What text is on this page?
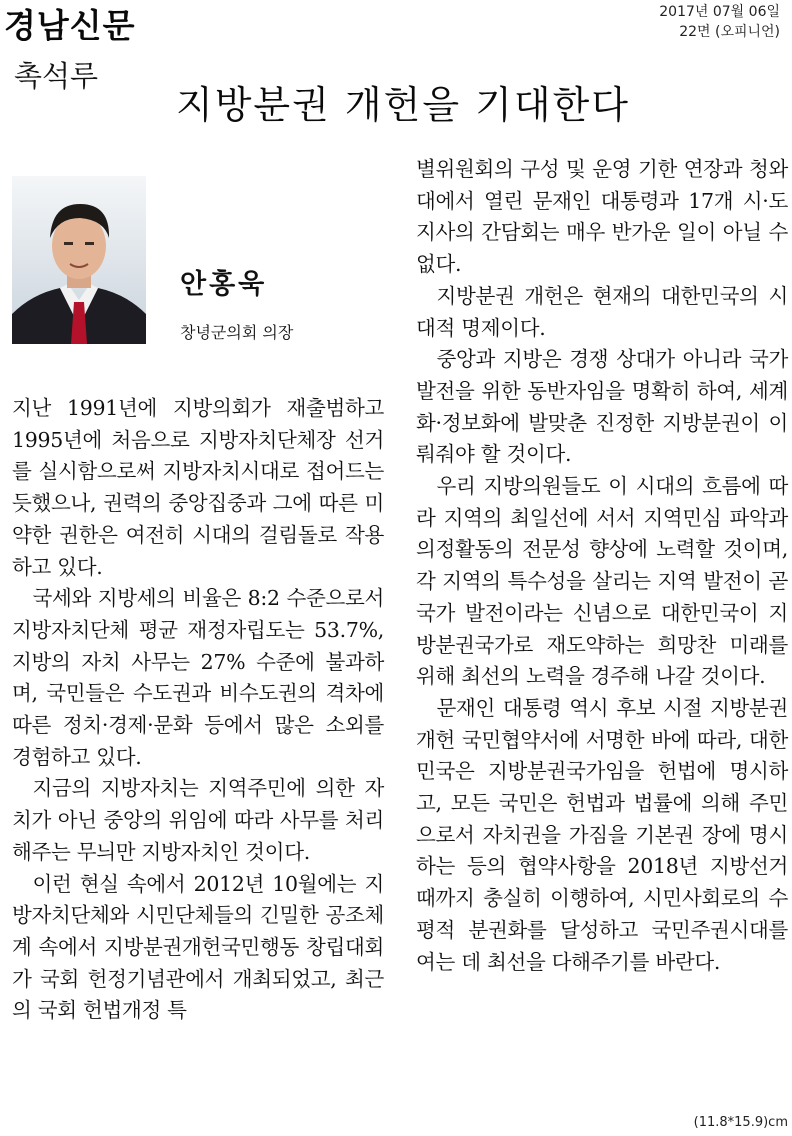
경남신문	2017년 07월 06일
22면 (오피니언)
촉석루
지방분권 개헌을 기대한다
안홍욱
창녕군의회 의장

지난 1991년에 지방의회가 재출범하고 1995년에 처음으로 지방자치단체장 선거를 실시함으로써 지방자치시대로 접어드는 듯했으나, 권력의 중앙집중과 그에 따른 미약한 권한은 여전히 시대의 걸림돌로 작용하고 있다.

국세와 지방세의 비율은 8:2 수준으로서 지방자치단체 평균 재정자립도는 53.7%, 지방의 자치 사무는 27% 수준에 불과하며, 국민들은 수도권과 비수도권의 격차에 따른 정치·경제·문화 등에서 많은 소외를 경험하고 있다.

지금의 지방자치는 지역주민에 의한 자치가 아닌 중앙의 위임에 따라 사무를 처리해주는 무늬만 지방자치인 것이다.

이런 현실 속에서 2012년 10월에는 지방자치단체와 시민단체들의 긴밀한 공조체계 속에서 지방분권개헌국민행동 창립대회가 국회 헌정기념관에서 개최되었고, 최근의 국회 헌법개정 특

별위원회의 구성 및 운영 기한 연장과 청와대에서 열린 문재인 대통령과 17개 시·도지사의 간담회는 매우 반가운 일이 아닐 수 없다.

지방분권 개헌은 현재의 대한민국의 시대적 명제이다.

중앙과 지방은 경쟁 상대가 아니라 국가 발전을 위한 동반자임을 명확히 하여, 세계화·정보화에 발맞춘 진정한 지방분권이 이뤄줘야 할 것이다.

우리 지방의원들도 이 시대의 흐름에 따라 지역의 최일선에 서서 지역민심 파악과 의정활동의 전문성 향상에 노력할 것이며, 각 지역의 특수성을 살리는 지역 발전이 곧 국가 발전이라는 신념으로 대한민국이 지방분권국가로 재도약하는 희망찬 미래를 위해 최선의 노력을 경주해 나갈 것이다.

문재인 대통령 역시 후보 시절 지방분권 개헌 국민협약서에 서명한 바에 따라, 대한민국은 지방분권국가임을 헌법에 명시하고, 모든 국민은 헌법과 법률에 의해 주민으로서 자치권을 가짐을 기본권 장에 명시하는 등의 협약사항을 2018년 지방선거 때까지 충실히 이행하여, 시민사회로의 수평적 분권화를 달성하고 국민주권시대를 여는 데 최선을 다해주기를 바란다.

(11.8*15.9)cm
